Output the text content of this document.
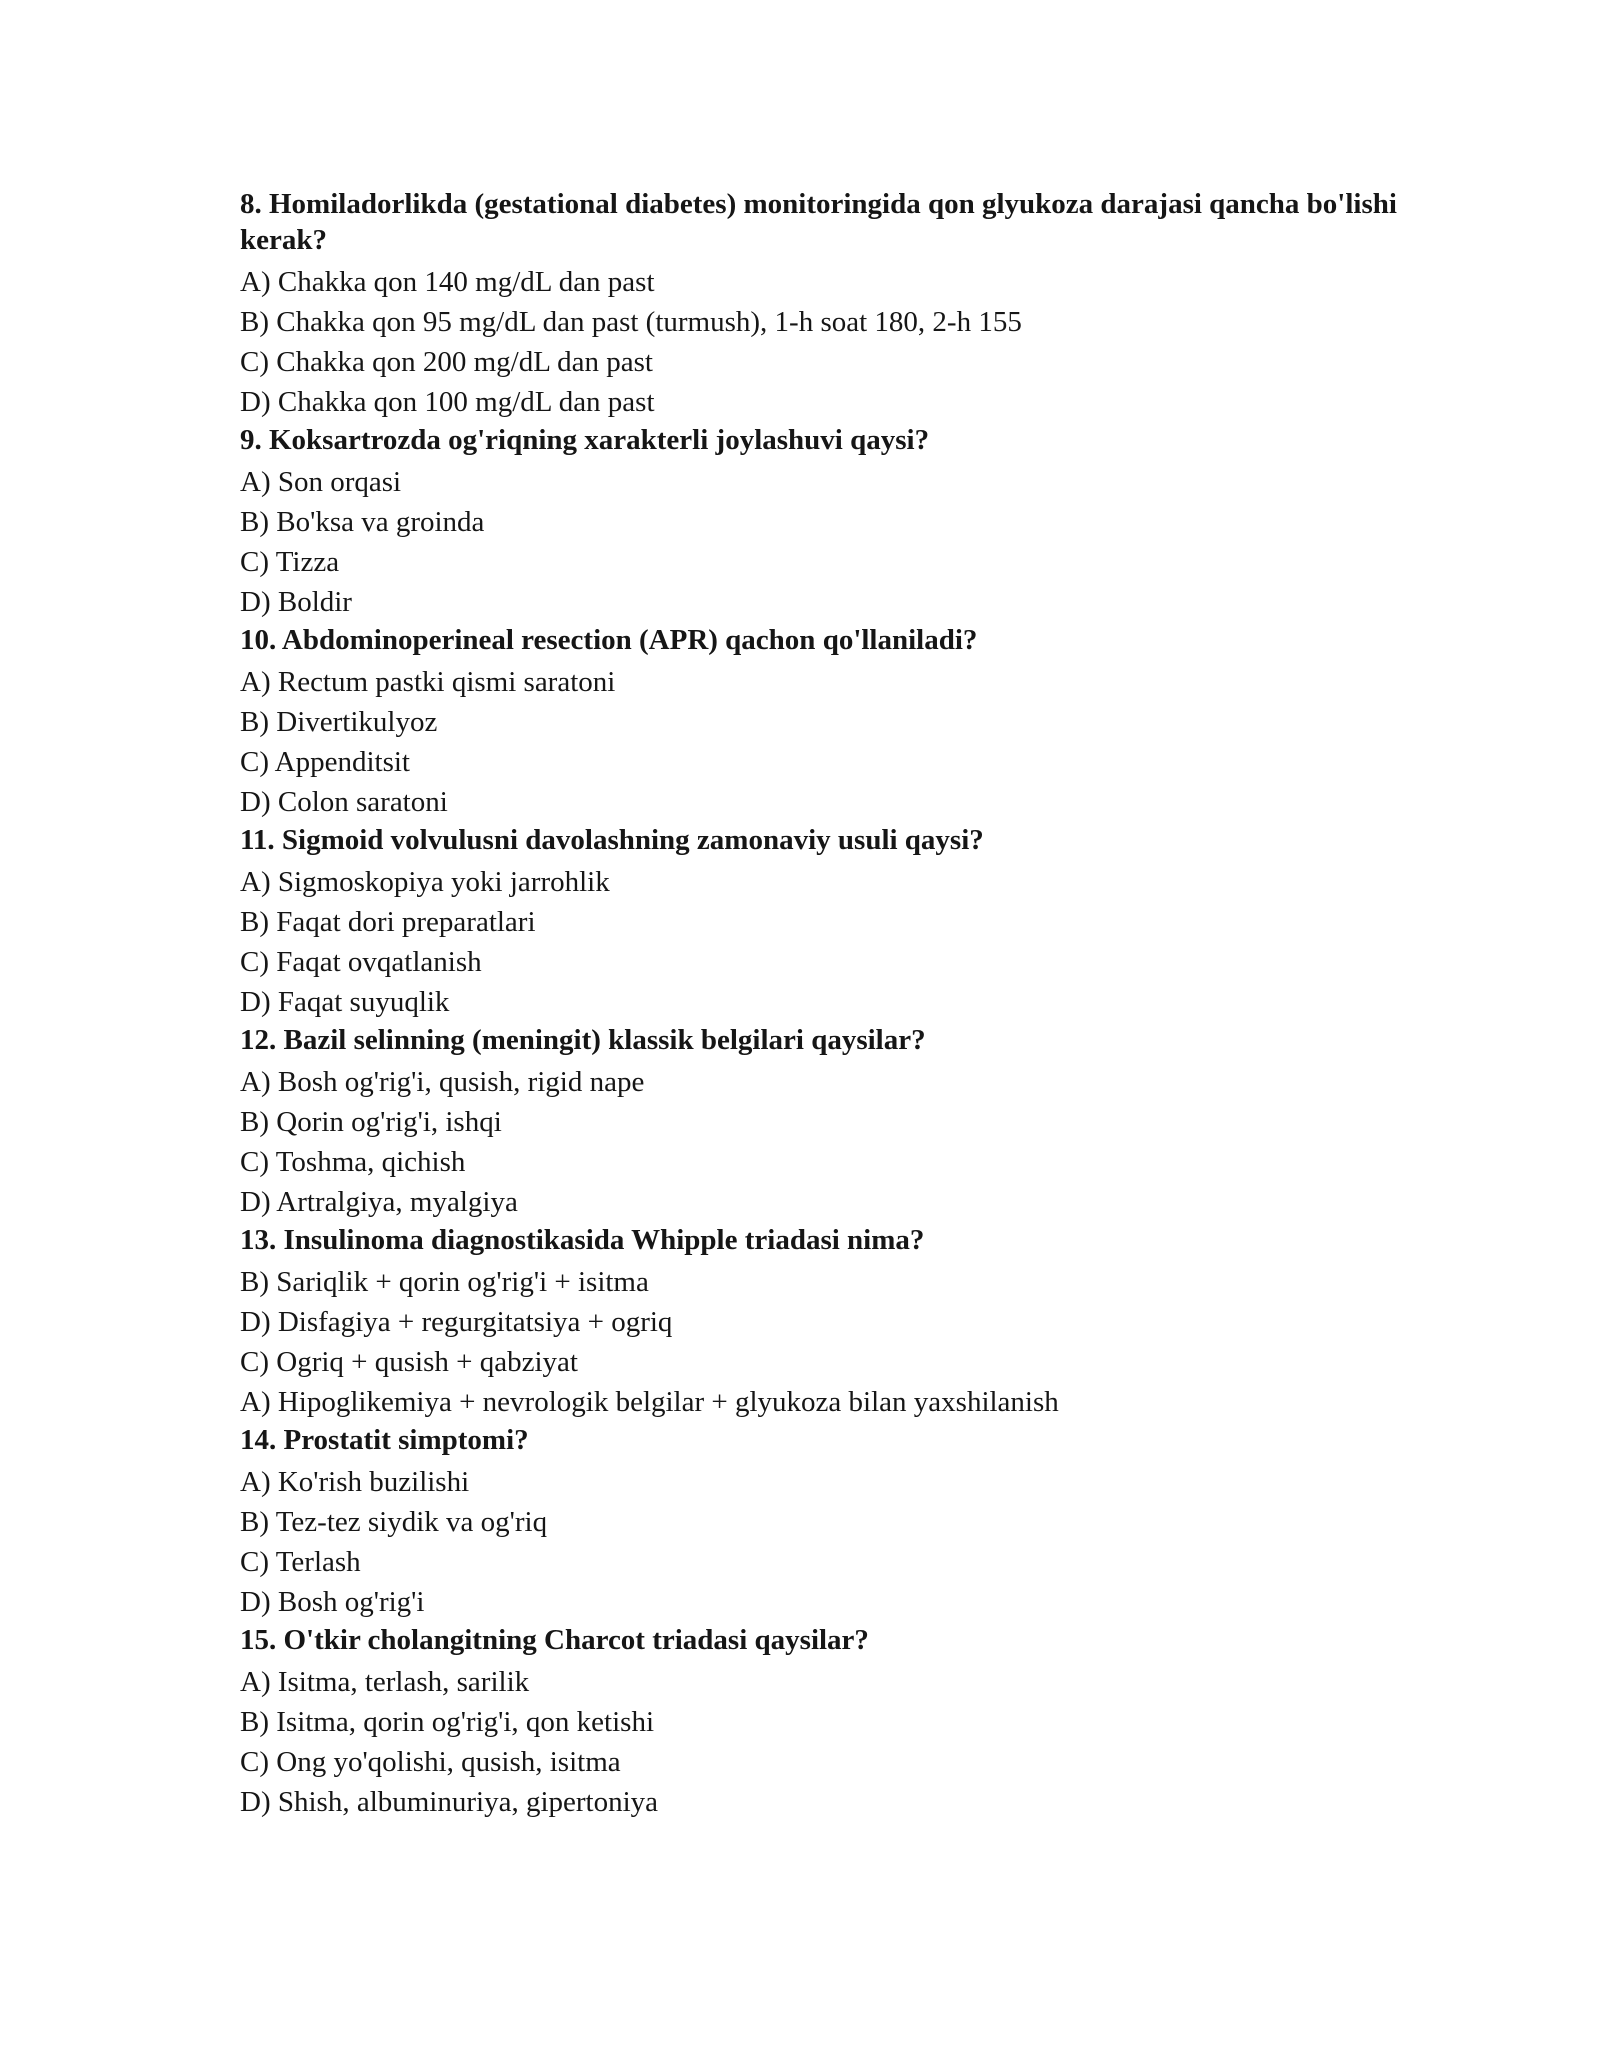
8. Homiladorlikda (gestational diabetes) monitoringida qon glyukoza darajasi qancha bo'lishi kerak?

A) Chakka qon 140 mg/dL dan past

B) Chakka qon 95 mg/dL dan past (turmush), 1-h soat 180, 2-h 155

C) Chakka qon 200 mg/dL dan past

D) Chakka qon 100 mg/dL dan past

9. Koksartrozda og'riqning xarakterli joylashuvi qaysi?

A) Son orqasi

B) Bo'ksa va groinda

C) Tizza

D) Boldir

10. Abdominoperineal resection (APR) qachon qo'llaniladi?

A) Rectum pastki qismi saratoni

B) Divertikulyoz

C) Appenditsit

D) Colon saratoni

11. Sigmoid volvulusni davolashning zamonaviy usuli qaysi?

A) Sigmoskopiya yoki jarrohlik

B) Faqat dori preparatlari

C) Faqat ovqatlanish

D) Faqat suyuqlik

12. Bazil selinning (meningit) klassik belgilari qaysilar?

A) Bosh og'rig'i, qusish, rigid nape

B) Qorin og'rig'i, ishqi

C) Toshma, qichish

D) Artralgiya, myalgiya

13. Insulinoma diagnostikasida Whipple triadasi nima?

B) Sariqlik + qorin og'rig'i + isitma

D) Disfagiya + regurgitatsiya + ogriq

C) Ogriq + qusish + qabziyat

A) Hipoglikemiya + nevrologik belgilar + glyukoza bilan yaxshilanish

14. Prostatit simptomi?

A) Ko'rish buzilishi

B) Tez-tez siydik va og'riq

C) Terlash

D) Bosh og'rig'i

15. O'tkir cholangitning Charcot triadasi qaysilar?

A) Isitma, terlash, sarilik

B) Isitma, qorin og'rig'i, qon ketishi

C) Ong yo'qolishi, qusish, isitma

D) Shish, albuminuriya, gipertoniya
